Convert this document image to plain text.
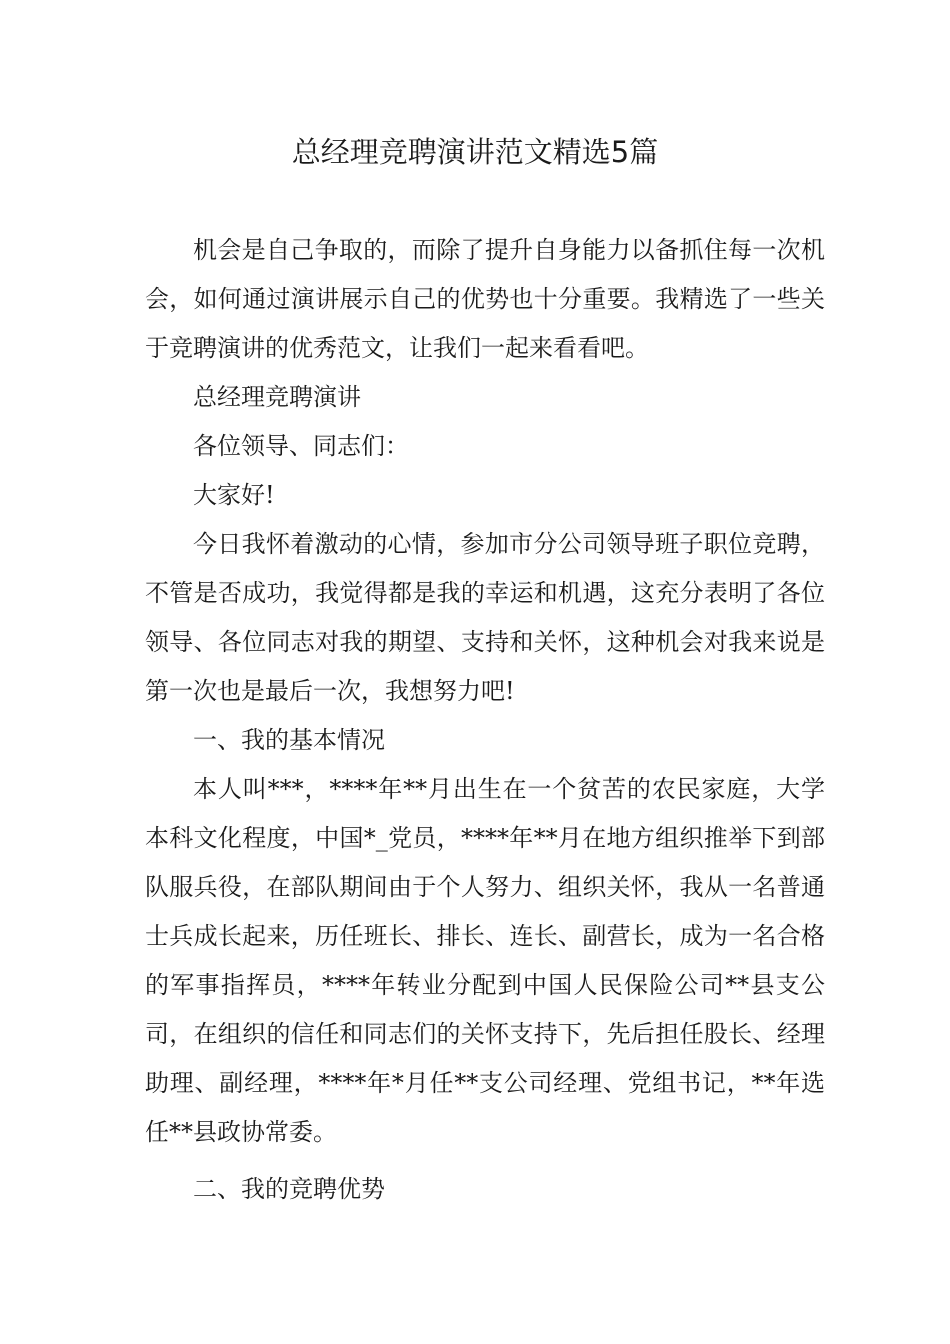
总经理竞聘演讲范文精选5篇

机会是自己争取的，而除了提升自身能力以备抓住每一次机会，如何通过演讲展示自己的优势也十分重要。我精选了一些关于竞聘演讲的优秀范文，让我们一起来看看吧。

总经理竞聘演讲

各位领导、同志们：

大家好!

今日我怀着激动的心情，参加市分公司领导班子职位竞聘，不管是否成功，我觉得都是我的幸运和机遇，这充分表明了各位领导、各位同志对我的期望、支持和关怀，这种机会对我来说是第一次也是最后一次，我想努力吧!

一、我的基本情况

本人叫***，****年**月出生在一个贫苦的农民家庭，大学本科文化程度，中国*_党员，****年**月在地方组织推举下到部队服兵役，在部队期间由于个人努力、组织关怀，我从一名普通士兵成长起来，历任班长、排长、连长、副营长，成为一名合格的军事指挥员，****年转业分配到中国人民保险公司**县支公司，在组织的信任和同志们的关怀支持下，先后担任股长、经理助理、副经理，****年*月任**支公司经理、党组书记，**年选任**县政协常委。

二、我的竞聘优势
